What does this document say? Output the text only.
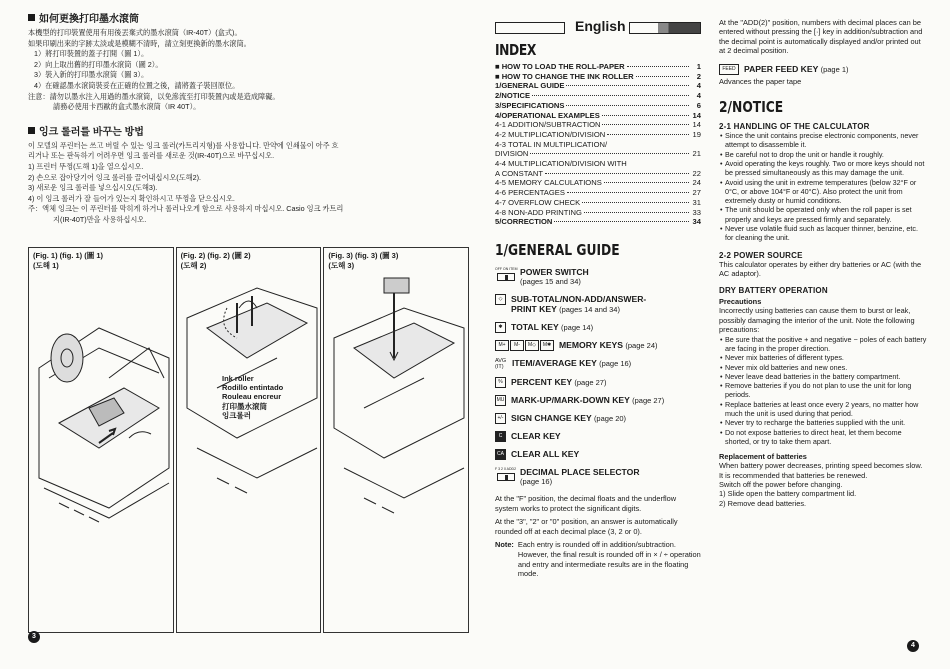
如何更換打印墨水滾筒
本機型的打印裝置使用有用後丟棄式的墨水滾筒（IR-40T）(盒式)。
如果印刷出來的字跡太淡或是模糊不清時，請立刻更換新的墨水滾筒。
1）將打印裝置的蓋子打開（圖 1）。
2）向上取出舊的打印墨水滾筒（圖 2）。
3）裝入新的打印墨水滾筒（圖 3）。
4）在確認墨水滾筒裝妥在正確的位置之後，請將蓋子裝回原位。
注意：請勿以墨水注入用過的墨水滾筒，以免滲流至打印裝置內或是造成障礙。
請務必使用卡西歐的盒式墨水滾筒（IR 40T）。
잉크 롤러를 바꾸는 방법
이 모델의 푸린터는 쓰고 버릴 수 있는 잉크 롤러(카트리지형)를 사용합니다. 만약에 인쇄물이 아주 흐
리거나 또는 판독하기 어려우면 잉크 롤러를 새로운 것(IR-40T)으로 바꾸십시오.
1) 프린터 뚜껑(도해 1)을 열으십시오.
2) 손으로 잡아당기어 잉크 롤러를 끌어내십시오(도해2).
3) 새로운 잉크 롤러를 넣으십시오(도해3).
4) 이 잉크 롤러가 잘 들어가 있는지 확인하시고 뚜껑을 닫으십시오.
주：액체 잉크는 이 푸린터를 막히게 하거나 롤러나오게 함으로 사용하지 마십시오. Casio 잉크 카트리
지(IR-40T)만을 사용하십시오.
(Fig. 1) (fig. 1) (圖 1)
(도해 1)
(Fig. 2) (fig. 2) (圖 2)
(도해 2)
(Fig. 3) (fig. 3) (圖 3)
(도해 3)
Ink roller
Rodillo entintado
Rouleau encreur
打印墨水滾筒
잉크롤러
3
English
INDEX
■ HOW TO LOAD THE ROLL-PAPER	1
■ HOW TO CHANGE THE INK ROLLER	2
1/GENERAL GUIDE	4
2/NOTICE	4
3/SPECIFICATIONS	6
4/OPERATIONAL EXAMPLES	14
4-1 ADDITION/SUBTRACTION	14
4-2 MULTIPLICATION/DIVISION	19
4-3 TOTAL IN MULTIPLICATION/
DIVISION	21
4-4 MULTIPLICATION/DIVISION WITH
A CONSTANT	22
4-5 MEMORY CALCULATIONS	24
4-6 PERCENTAGES	27
4-7 OVERFLOW CHECK	31
4-8 NON-ADD PRINTING	33
5/CORRECTION	34
1/GENERAL GUIDE
OFF ON ITEM POWER SWITCH
(pages 15 and 34)
◇ SUB-TOTAL/NON-ADD/ANSWER-
PRINT KEY (pages 14 and 34)
✱ TOTAL KEY (page 14)
M+	M-	M◇	M✱ MEMORY KEYS (page 24)
AVG
(IT) ITEM/AVERAGE KEY (page 16)
% PERCENT KEY (page 27)
MU MARK-UP/MARK-DOWN KEY (page 27)
+/- SIGN CHANGE KEY (page 20)
C	CLEAR KEY
CA CLEAR ALL KEY
F 3 2 0 ADD2 DECIMAL PLACE SELECTOR
(page 16)
At the "F" position, the decimal floats and the underflow system works to protect the significant digits.
At the "3", "2" or "0" position, an answer is automatically rounded off at each decimal place (3, 2 or 0).
Note: Each entry is rounded off in addition/subtraction. However, the final result is rounded off in × / ÷ operation and entry and intermediate results are in the floating mode.
At the "ADD(2)" position, numbers with decimal places can be entered without pressing the [·] key in addition/subtraction and the decimal point is automatically displayed and/or printed out at 2 decimal position.
FEED PAPER FEED KEY (page 1)
Advances the paper tape
2/NOTICE
2-1 HANDLING OF THE CALCULATOR
• Since the unit contains precise electronic components, never attempt to disassemble it.
• Be careful not to drop the unit or handle it roughly.
• Avoid operating the keys roughly. Two or more keys should not be pressed simultaneously as this may damage the unit.
• Avoid using the unit in extreme temperatures (below 32°F or 0°C, or above 104°F or 40°C). Also protect the unit from extremely dusty or humid conditions.
• The unit should be operated only when the roll paper is set properly and keys are pressed firmly and separately.
• Never use volatile fluid such as lacquer thinner, benzine, etc. for cleaning the unit.
2-2 POWER SOURCE
This calculator operates by either dry batteries or AC (with the AC adaptor).
DRY BATTERY OPERATION
Precautions
Incorrectly using batteries can cause them to burst or leak, possibly damaging the interior of the unit. Note the following precautions:
• Be sure that the positive + and negative − poles of each battery are facing in the proper direction.
• Never mix batteries of different types.
• Never mix old batteries and new ones.
• Never leave dead batteries in the battery compartment.
• Remove batteries if you do not plan to use the unit for long periods.
• Replace batteries at least once every 2 years, no matter how much the unit is used during that period.
• Never try to recharge the batteries supplied with the unit.
• Do not expose batteries to direct heat, let them become shorted, or try to take them apart.
Replacement of batteries
When battery power decreases, printing speed becomes slow. It is recommended that batteries be renewed.
Switch off the power before changing.
1) Slide open the battery compartment lid.
2) Remove dead batteries.
4
